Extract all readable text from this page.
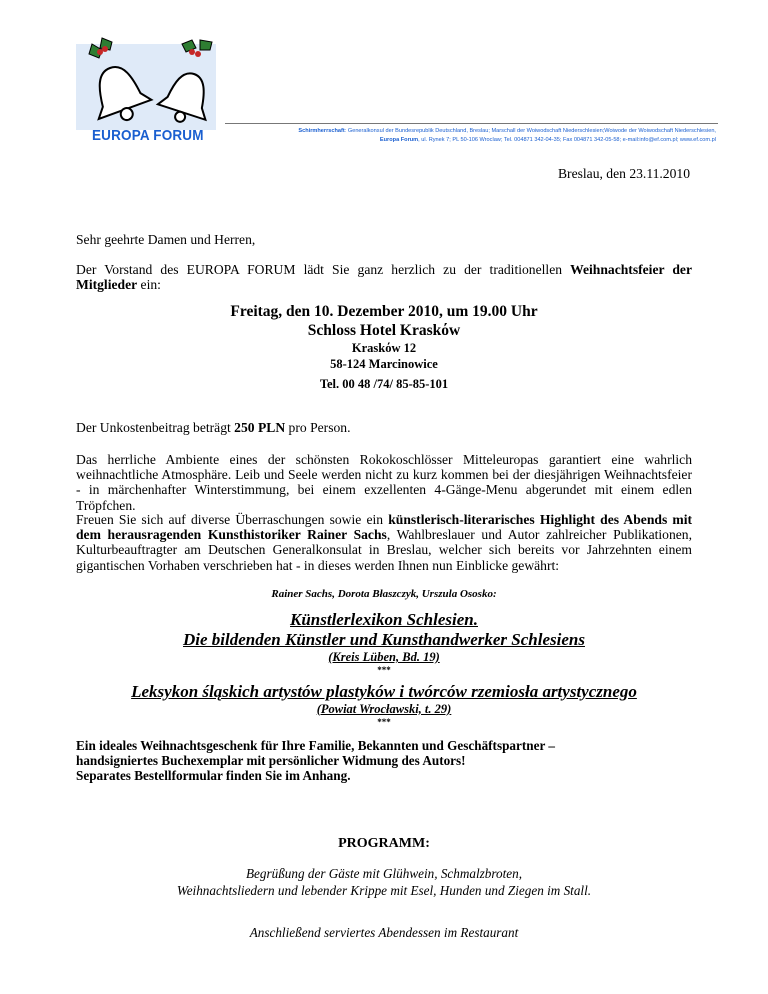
EUROPA FORUM	Schirmherrschaft: Generalkonsul der Bundesrepublik Deutschland, Breslau; Marschall der Woiwodschaft Niederschlesien;Woiwode der Woiwodschaft Niederschlesien,
Europa Forum, ul. Rynek 7; PL 50-106 Wroclaw; Tel. 004871 342-04-35; Fax 004871 342-05-58; e-mail:info@ef.com.pl; www.ef.com.pl
Breslau, den 23.11.2010
Sehr geehrte Damen und Herren,
Der Vorstand des EUROPA FORUM lädt Sie ganz herzlich zu der traditionellen Weihnachtsfeier der Mitglieder ein:
Freitag, den 10. Dezember 2010, um 19.00 Uhr
Schloss Hotel Kraskόw
Kraskόw 12
58-124 Marcinowice
Tel. 00 48 /74/ 85-85-101
Der Unkostenbeitrag beträgt 250 PLN pro Person.
Das herrliche Ambiente eines der schönsten Rokokoschlösser Mitteleuropas garantiert eine wahrlich weihnachtliche Atmosphäre. Leib und Seele werden nicht zu kurz kommen bei der diesjährigen Weihnachtsfeier - in märchenhafter Winterstimmung, bei einem exzellenten 4-Gänge-Menu abgerundet mit einem edlen Tröpfchen.
Freuen Sie sich auf diverse Überraschungen sowie ein künstlerisch-literarisches Highlight des Abends mit dem herausragenden Kunsthistoriker Rainer Sachs, Wahlbreslauer und Autor zahlreicher Publikationen, Kulturbeauftragter am Deutschen Generalkonsulat in Breslau, welcher sich bereits vor Jahrzehnten einem gigantischen Vorhaben verschrieben hat - in dieses werden Ihnen nun Einblicke gewährt:
Rainer Sachs, Dorota Błaszczyk, Urszula Ososko:
Künstlerlexikon Schlesien.
Die bildenden Künstler und Kunsthandwerker Schlesiens
(Kreis Lüben, Bd. 19)
***
Leksykon śląskich artystów plastyków i twórców rzemiosła artystycznego
(Powiat Wrocławski, t. 29)
***
Ein ideales Weihnachtsgeschenk für Ihre Familie, Bekannten und Geschäftspartner –
handsigniertes Buchexemplar mit persönlicher Widmung des Autors!
Separates Bestellformular finden Sie im Anhang.
PROGRAMM:
Begrüßung der Gäste mit Glühwein, Schmalzbroten,
Weihnachtsliedern und lebender Krippe mit Esel, Hunden und Ziegen im Stall.
Anschließend serviertes Abendessen im Restaurant
